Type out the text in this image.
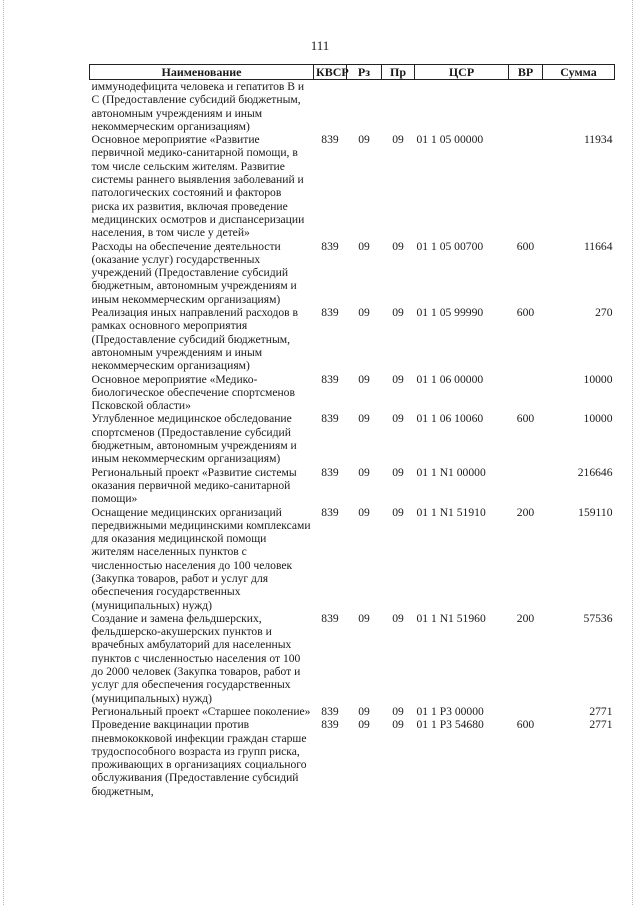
111
Наименование	КВСР	Рз	Пр	ЦСР	ВР	Сумма
иммунодефицита человека и гепатитов В и С (Предоставление субсидий бюджетным, автономным учреждениям и иным некоммерческим организациям)						
Основное мероприятие «Развитие первичной медико-санитарной помощи, в том числе сельским жителям. Развитие системы раннего выявления заболеваний и патологических состояний и факторов риска их развития, включая проведение медицинских осмотров и диспансеризации населения, в том числе у детей»	839	09	09	01 1 05 00000		11934
Расходы на обеспечение деятельности (оказание услуг) государственных учреждений (Предоставление субсидий бюджетным, автономным учреждениям и иным некоммерческим организациям)	839	09	09	01 1 05 00700	600	11664
Реализация иных направлений расходов в рамках основного мероприятия (Предоставление субсидий бюджетным, автономным учреждениям и иным некоммерческим организациям)	839	09	09	01 1 05 99990	600	270
Основное мероприятие «Медико-биологическое обеспечение спортсменов Псковской области»	839	09	09	01 1 06 00000		10000
Углубленное медицинское обследование спортсменов (Предоставление субсидий бюджетным, автономным учреждениям и иным некоммерческим организациям)	839	09	09	01 1 06 10060	600	10000
Региональный проект «Развитие системы оказания первичной медико-санитарной помощи»	839	09	09	01 1 N1 00000		216646
Оснащение медицинских организаций передвижными медицинскими комплексами для оказания медицинской помощи жителям населенных пунктов с численностью населения до 100 человек (Закупка товаров, работ и услуг для обеспечения государственных (муниципальных) нужд)	839	09	09	01 1 N1 51910	200	159110
Создание и замена фельдшерских, фельдшерско-акушерских пунктов и врачебных амбулаторий для населенных пунктов с численностью населения от 100 до 2000 человек (Закупка товаров, работ и услуг для обеспечения государственных (муниципальных) нужд)	839	09	09	01 1 N1 51960	200	57536
Региональный проект «Старшее поколение»	839	09	09	01 1 P3 00000		2771
Проведение вакцинации против пневмококковой инфекции граждан старше трудоспособного возраста из групп риска, проживающих в организациях социального обслуживания (Предоставление субсидий бюджетным,	839	09	09	01 1 P3 54680	600	2771
